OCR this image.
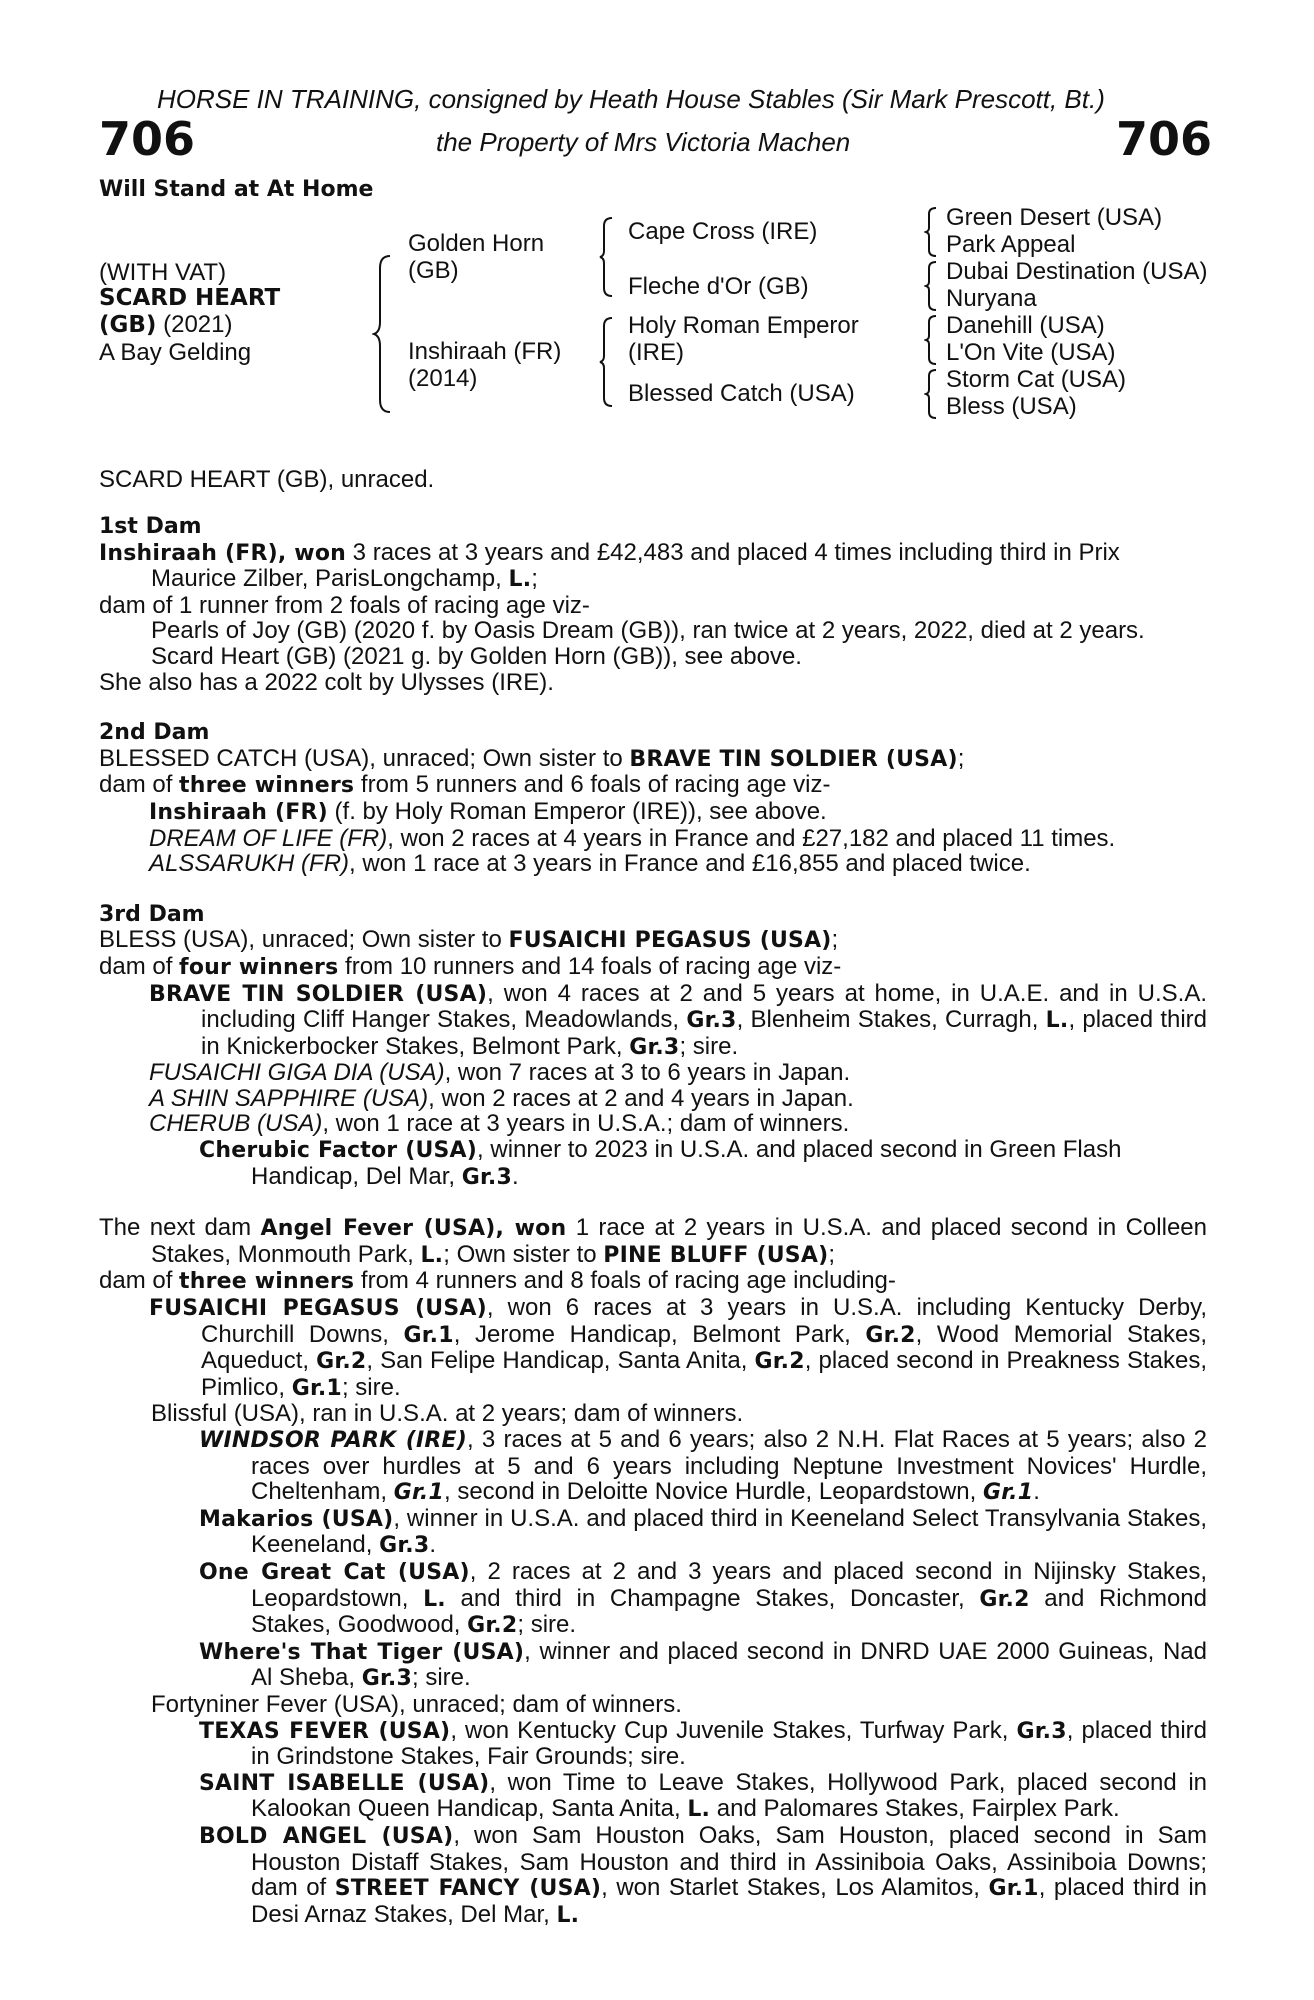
HORSE IN TRAINING, consigned by Heath House Stables (Sir Mark Prescott, Bt.)
706	the Property of Mrs Victoria Machen	706
Will Stand at At Home
(WITH VAT)
SCARD HEART
(GB) (2021)
A Bay Gelding
Golden Horn
(GB)
Inshiraah (FR)
(2014)
Cape Cross (IRE)
Fleche d'Or (GB)
Holy Roman Emperor
(IRE)
Blessed Catch (USA)
Green Desert (USA)
Park Appeal
Dubai Destination (USA)
Nuryana
Danehill (USA)
L'On Vite (USA)
Storm Cat (USA)
Bless (USA)
SCARD HEART (GB), unraced.
1st Dam
Inshiraah (FR), won 3 races at 3 years and £42,483 and placed 4 times including third in Prix Maurice Zilber, ParisLongchamp, L.;
dam of 1 runner from 2 foals of racing age viz-
Pearls of Joy (GB) (2020 f. by Oasis Dream (GB)), ran twice at 2 years, 2022, died at 2 years.
Scard Heart (GB) (2021 g. by Golden Horn (GB)), see above.
She also has a 2022 colt by Ulysses (IRE).
2nd Dam
BLESSED CATCH (USA), unraced; Own sister to BRAVE TIN SOLDIER (USA);
dam of three winners from 5 runners and 6 foals of racing age viz-
Inshiraah (FR) (f. by Holy Roman Emperor (IRE)), see above.
DREAM OF LIFE (FR), won 2 races at 4 years in France and £27,182 and placed 11 times.
ALSSARUKH (FR), won 1 race at 3 years in France and £16,855 and placed twice.
3rd Dam
BLESS (USA), unraced; Own sister to FUSAICHI PEGASUS (USA);
dam of four winners from 10 runners and 14 foals of racing age viz-
BRAVE TIN SOLDIER (USA), won 4 races at 2 and 5 years at home, in U.A.E. and in U.S.A. including Cliff Hanger Stakes, Meadowlands, Gr.3, Blenheim Stakes, Curragh, L., placed third in Knickerbocker Stakes, Belmont Park, Gr.3; sire.
FUSAICHI GIGA DIA (USA), won 7 races at 3 to 6 years in Japan.
A SHIN SAPPHIRE (USA), won 2 races at 2 and 4 years in Japan.
CHERUB (USA), won 1 race at 3 years in U.S.A.; dam of winners.
Cherubic Factor (USA), winner to 2023 in U.S.A. and placed second in Green Flash Handicap, Del Mar, Gr.3.
The next dam Angel Fever (USA), won 1 race at 2 years in U.S.A. and placed second in Colleen Stakes, Monmouth Park, L.; Own sister to PINE BLUFF (USA);
dam of three winners from 4 runners and 8 foals of racing age including-
FUSAICHI PEGASUS (USA), won 6 races at 3 years in U.S.A. including Kentucky Derby, Churchill Downs, Gr.1, Jerome Handicap, Belmont Park, Gr.2, Wood Memorial Stakes, Aqueduct, Gr.2, San Felipe Handicap, Santa Anita, Gr.2, placed second in Preakness Stakes, Pimlico, Gr.1; sire.
Blissful (USA), ran in U.S.A. at 2 years; dam of winners.
WINDSOR PARK (IRE), 3 races at 5 and 6 years; also 2 N.H. Flat Races at 5 years; also 2 races over hurdles at 5 and 6 years including Neptune Investment Novices' Hurdle, Cheltenham, Gr.1, second in Deloitte Novice Hurdle, Leopardstown, Gr.1.
Makarios (USA), winner in U.S.A. and placed third in Keeneland Select Transylvania Stakes, Keeneland, Gr.3.
One Great Cat (USA), 2 races at 2 and 3 years and placed second in Nijinsky Stakes, Leopardstown, L. and third in Champagne Stakes, Doncaster, Gr.2 and Richmond Stakes, Goodwood, Gr.2; sire.
Where's That Tiger (USA), winner and placed second in DNRD UAE 2000 Guineas, Nad Al Sheba, Gr.3; sire.
Fortyniner Fever (USA), unraced; dam of winners.
TEXAS FEVER (USA), won Kentucky Cup Juvenile Stakes, Turfway Park, Gr.3, placed third in Grindstone Stakes, Fair Grounds; sire.
SAINT ISABELLE (USA), won Time to Leave Stakes, Hollywood Park, placed second in Kalookan Queen Handicap, Santa Anita, L. and Palomares Stakes, Fairplex Park.
BOLD ANGEL (USA), won Sam Houston Oaks, Sam Houston, placed second in Sam Houston Distaff Stakes, Sam Houston and third in Assiniboia Oaks, Assiniboia Downs; dam of STREET FANCY (USA), won Starlet Stakes, Los Alamitos, Gr.1, placed third in Desi Arnaz Stakes, Del Mar, L.
